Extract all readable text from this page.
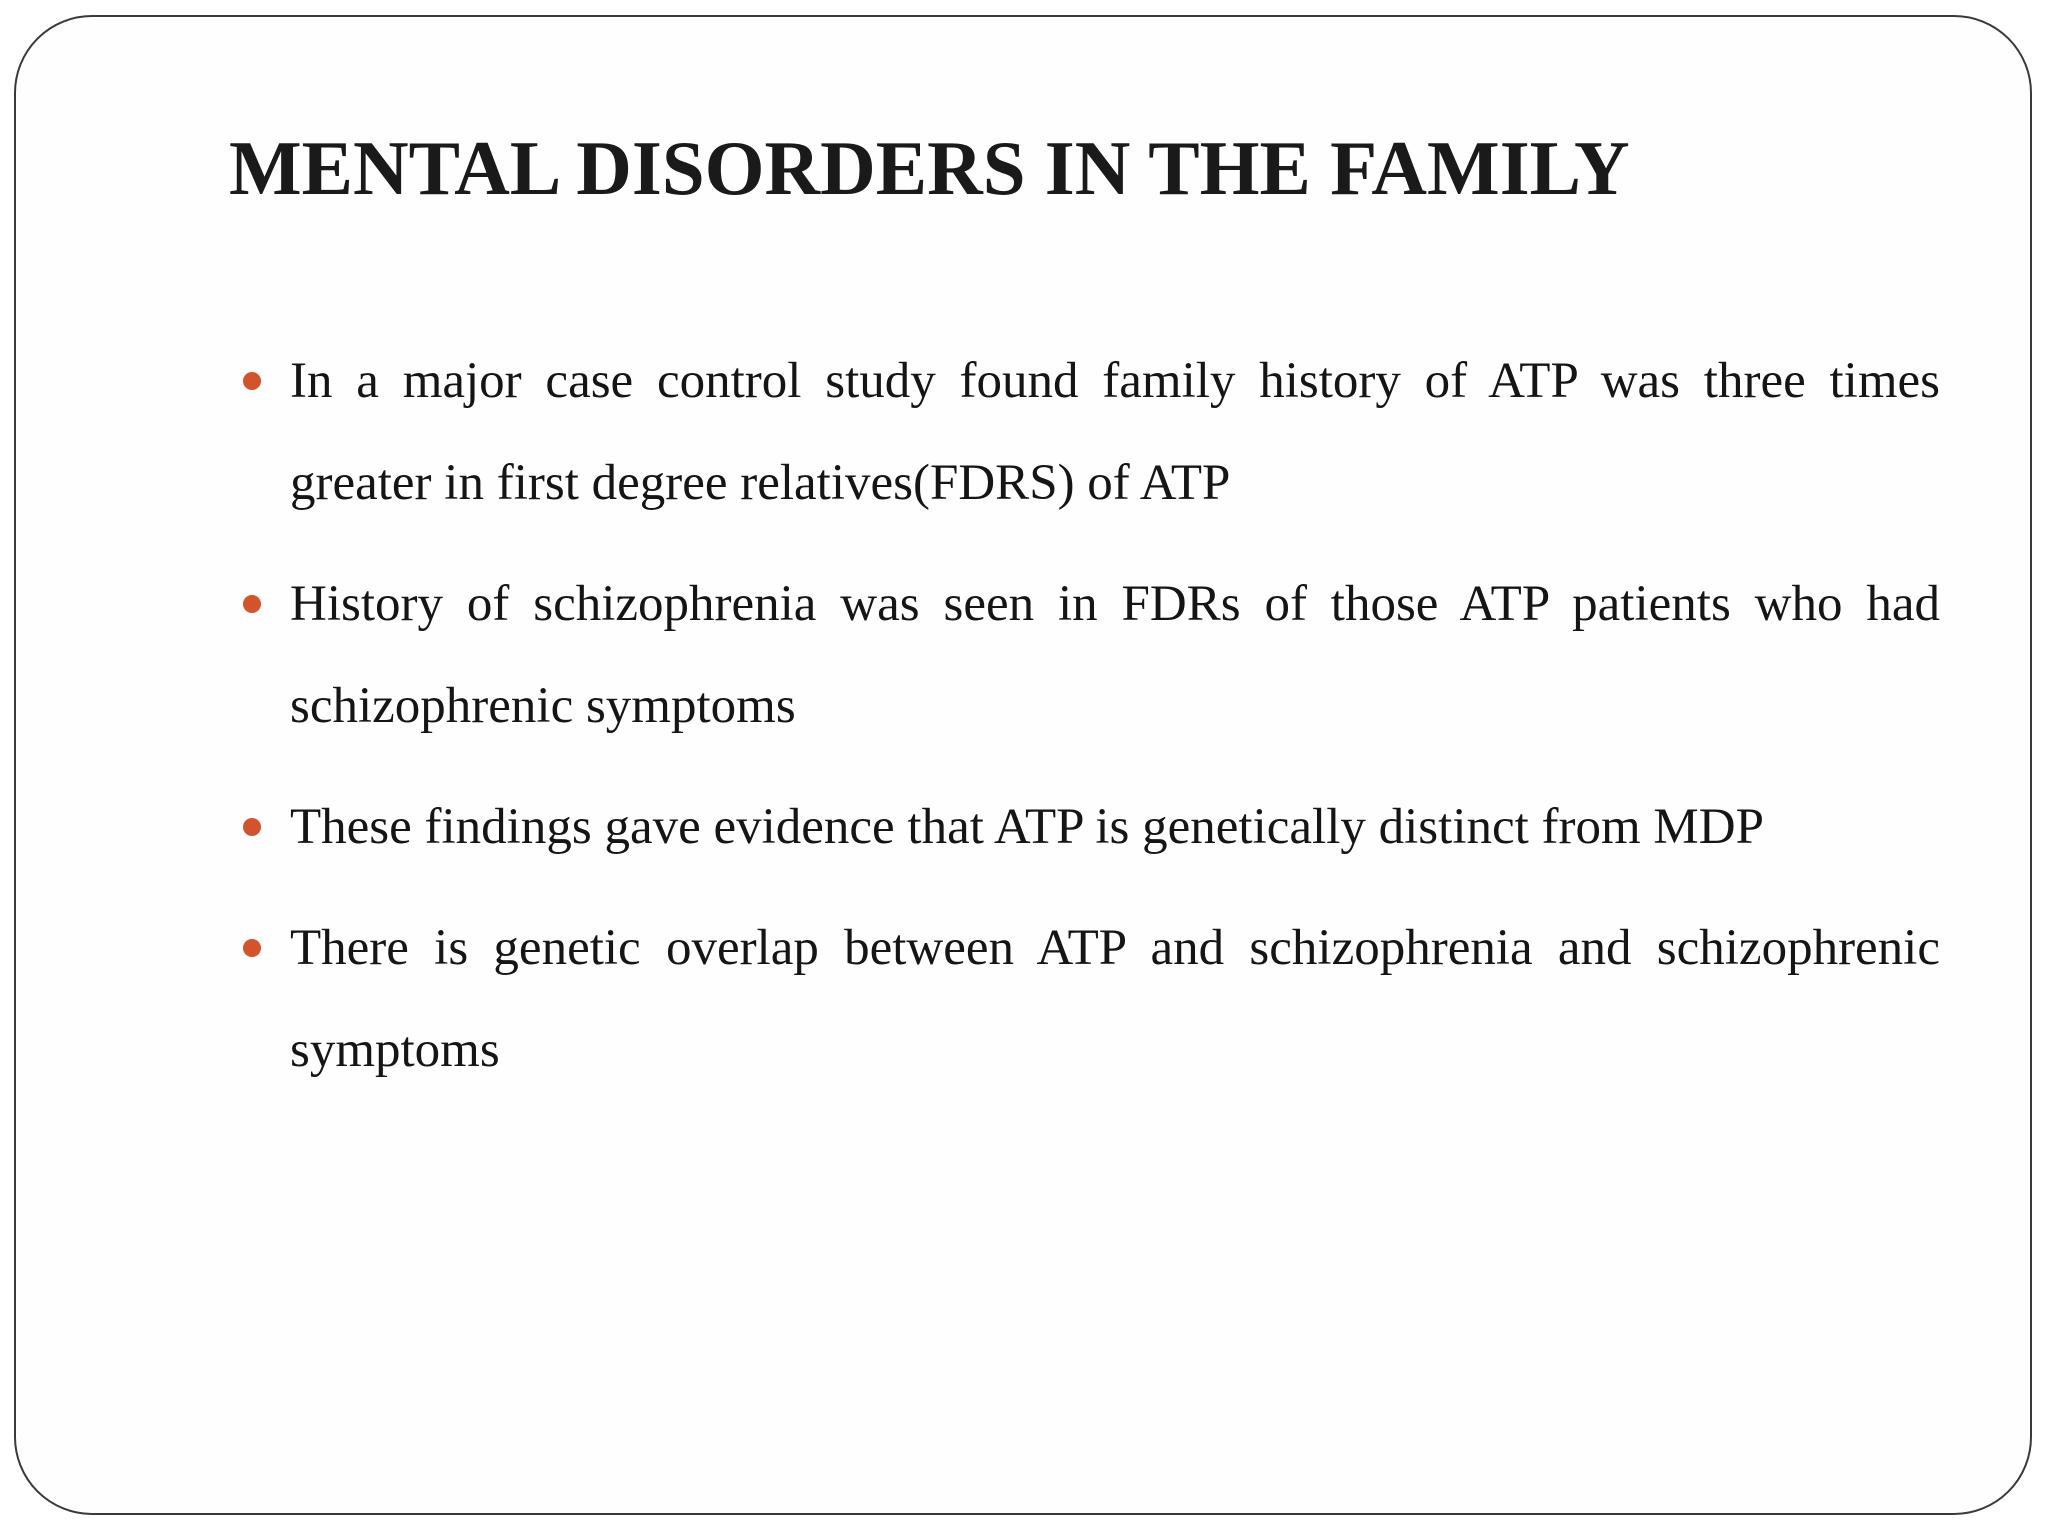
MENTAL DISORDERS IN THE FAMILY
In a major case control study found family history of ATP was three times greater in first degree relatives(FDRS) of ATP
History of schizophrenia was seen in FDRs of those ATP patients who had schizophrenic symptoms
These findings gave evidence that ATP is genetically distinct from MDP
There is genetic overlap between ATP and schizophrenia and schizophrenic symptoms
